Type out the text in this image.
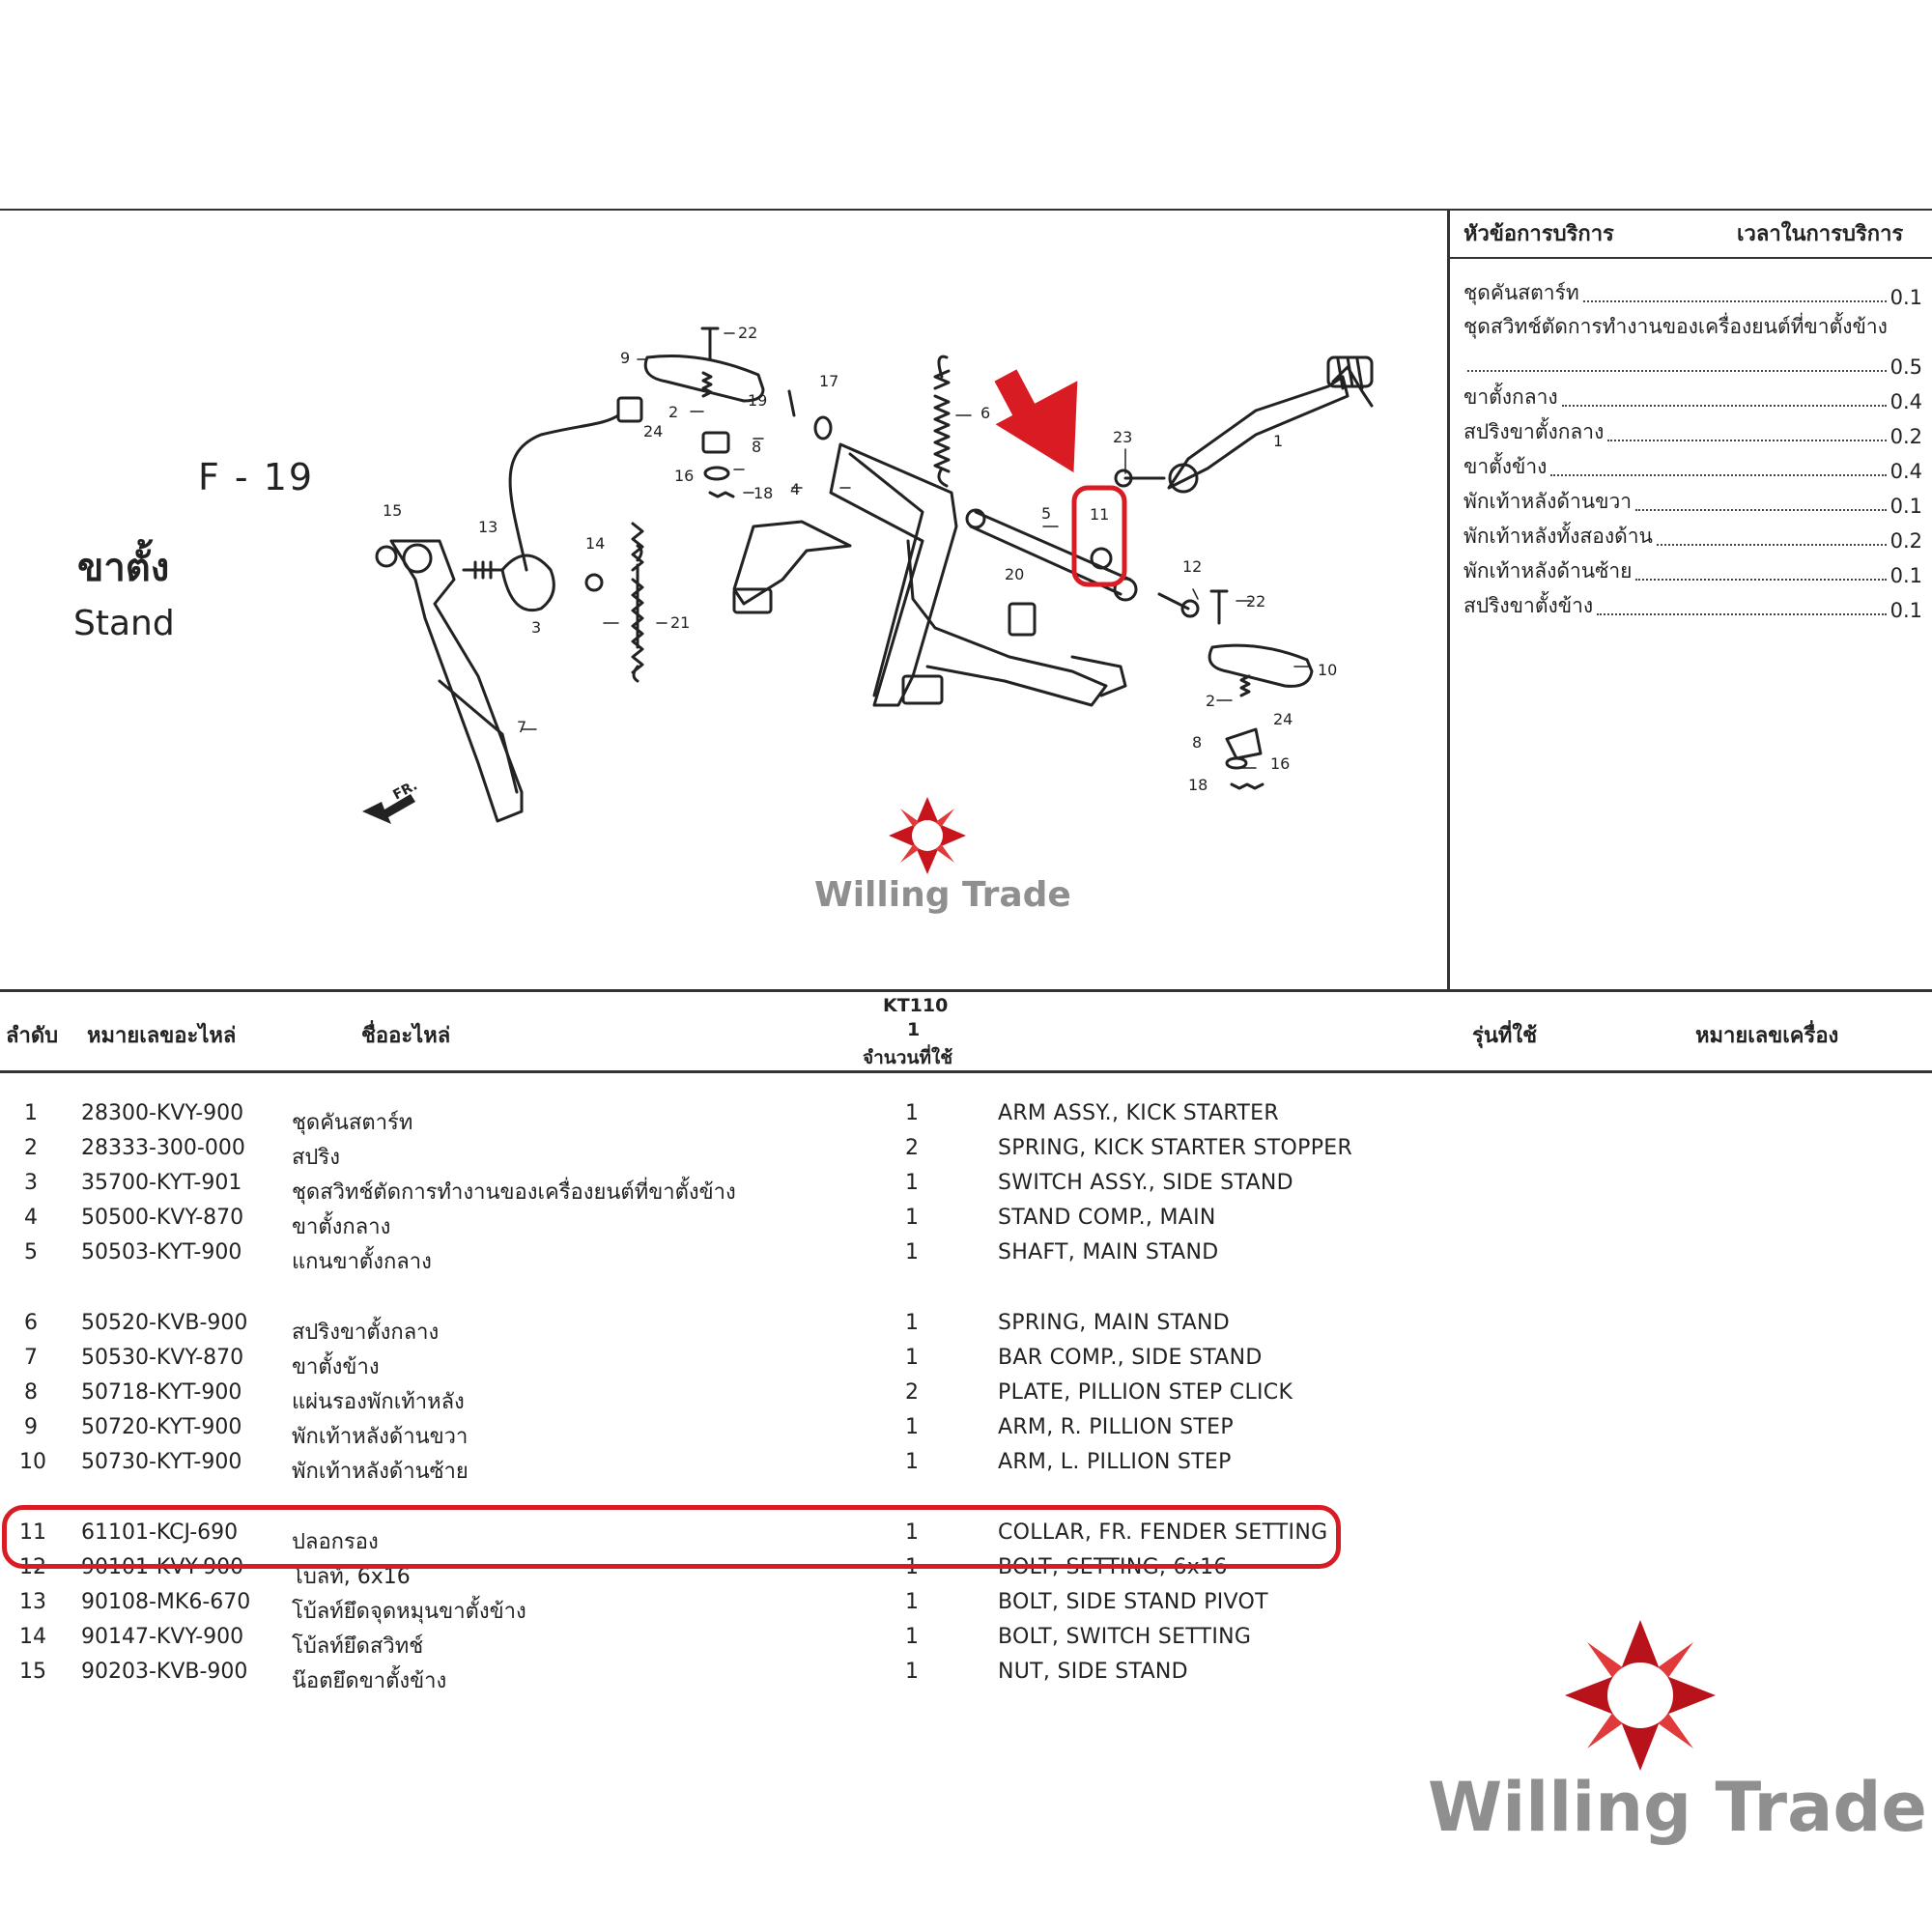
F - 19
ขาตั้ง
Stand
FR.
22
9
2
24
19
17
8
16
18
6
4
23	1
5 11
15
13
14
3	21
20	12
22
10
7
2
24
8
16
18
Willing Trade
หัวข้อการบริการ	เวลาในการบริการ
ชุดคันสตาร์ท	0.1
ชุดสวิทช์ตัดการทำงานของเครื่องยนต์ที่ขาตั้งข้าง
0.5
ขาตั้งกลาง	0.4
สปริงขาตั้งกลาง	0.2
ขาตั้งข้าง	0.4
พักเท้าหลังด้านขวา	0.1
พักเท้าหลังทั้งสองด้าน	0.2
พักเท้าหลังด้านซ้าย	0.1
สปริงขาตั้งข้าง	0.1
ลำดับ หมายเลขอะไหล่	ชื่ออะไหล่
KT110
1
จำนวนที่ใช้
รุ่นที่ใช้	หมายเลขเครื่อง
1 28300-KVY-900 ชุดคันสตาร์ท	1	ARM ASSY., KICK STARTER
2 28333-300-000 สปริง	2	SPRING, KICK STARTER STOPPER
3 35700-KYT-901 ชุดสวิทช์ตัดการทำงานของเครื่องยนต์ที่ขาตั้งข้าง	1	SWITCH ASSY., SIDE STAND
4 50500-KVY-870 ขาตั้งกลาง	1	STAND COMP., MAIN
5 50503-KYT-900 แกนขาตั้งกลาง	1	SHAFT, MAIN STAND
6 50520-KVB-900 สปริงขาตั้งกลาง	1	SPRING, MAIN STAND
7 50530-KVY-870 ขาตั้งข้าง	1	BAR COMP., SIDE STAND
8 50718-KYT-900 แผ่นรองพักเท้าหลัง	2	PLATE, PILLION STEP CLICK
9 50720-KYT-900 พักเท้าหลังด้านขวา	1	ARM, R. PILLION STEP
10 50730-KYT-900 พักเท้าหลังด้านซ้าย	1	ARM, L. PILLION STEP
11 61101-KCJ-690	ปลอกรอง	1	COLLAR, FR. FENDER SETTING
12 90101-KVY-900 โบลท์, 6x16	1	BOLT, SETTING, 6x16
13 90108-MK6-670 โบ้ลท์ยึดจุดหมุนขาตั้งข้าง	1	BOLT, SIDE STAND PIVOT
14 90147-KVY-900 โบ้ลท์ยึดสวิทช์	1	BOLT, SWITCH SETTING
15 90203-KVB-900 น๊อตยึดขาตั้งข้าง	1	NUT, SIDE STAND
Willing Trade
